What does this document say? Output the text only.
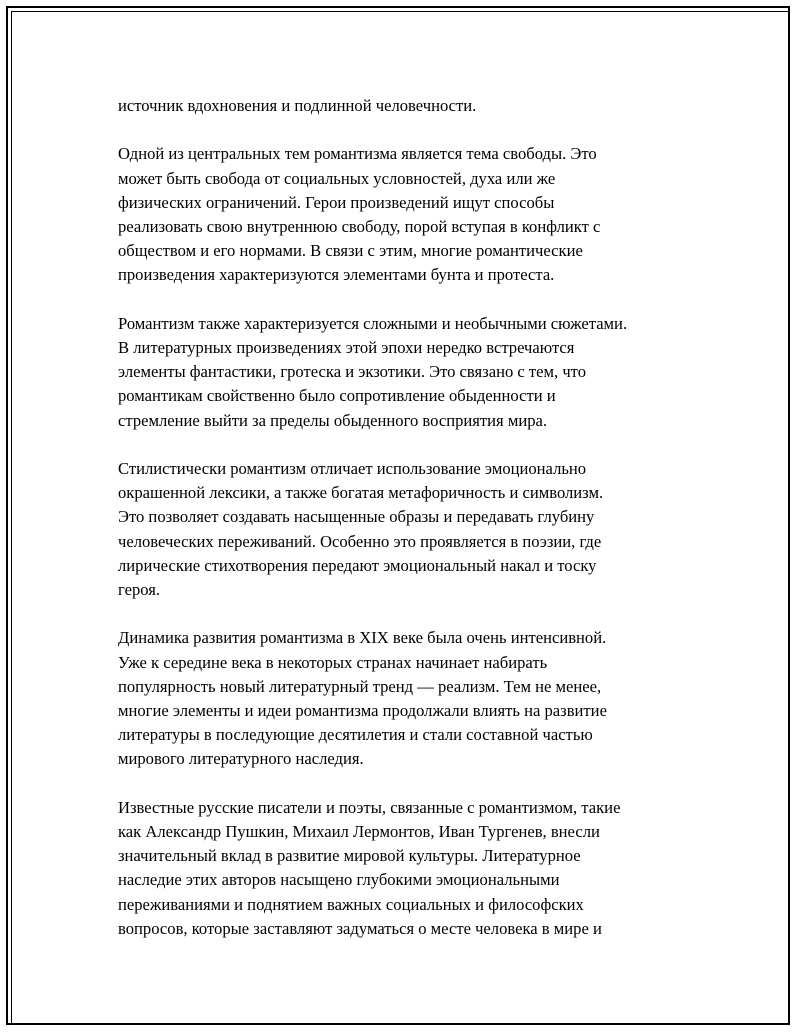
источник вдохновения и подлинной человечности.
Одной из центральных тем романтизма является тема свободы. Это
может быть свобода от социальных условностей, духа или же
физических ограничений. Герои произведений ищут способы
реализовать свою внутреннюю свободу, порой вступая в конфликт с
обществом и его нормами. В связи с этим, многие романтические
произведения характеризуются элементами бунта и протеста.
Романтизм также характеризуется сложными и необычными сюжетами.
В литературных произведениях этой эпохи нередко встречаются
элементы фантастики, гротеска и экзотики. Это связано с тем, что
романтикам свойственно было сопротивление обыденности и
стремление выйти за пределы обыденного восприятия мира.
Стилистически романтизм отличает использование эмоционально
окрашенной лексики, а также богатая метафоричность и символизм.
Это позволяет создавать насыщенные образы и передавать глубину
человеческих переживаний. Особенно это проявляется в поэзии, где
лирические стихотворения передают эмоциональный накал и тоску
героя.
Динамика развития романтизма в XIX веке была очень интенсивной.
Уже к середине века в некоторых странах начинает набирать
популярность новый литературный тренд — реализм. Тем не менее,
многие элементы и идеи романтизма продолжали влиять на развитие
литературы в последующие десятилетия и стали составной частью
мирового литературного наследия.
Известные русские писатели и поэты, связанные с романтизмом, такие
как Александр Пушкин, Михаил Лермонтов, Иван Тургенев, внесли
значительный вклад в развитие мировой культуры. Литературное
наследие этих авторов насыщено глубокими эмоциональными
переживаниями и поднятием важных социальных и философских
вопросов, которые заставляют задуматься о месте человека в мире и
